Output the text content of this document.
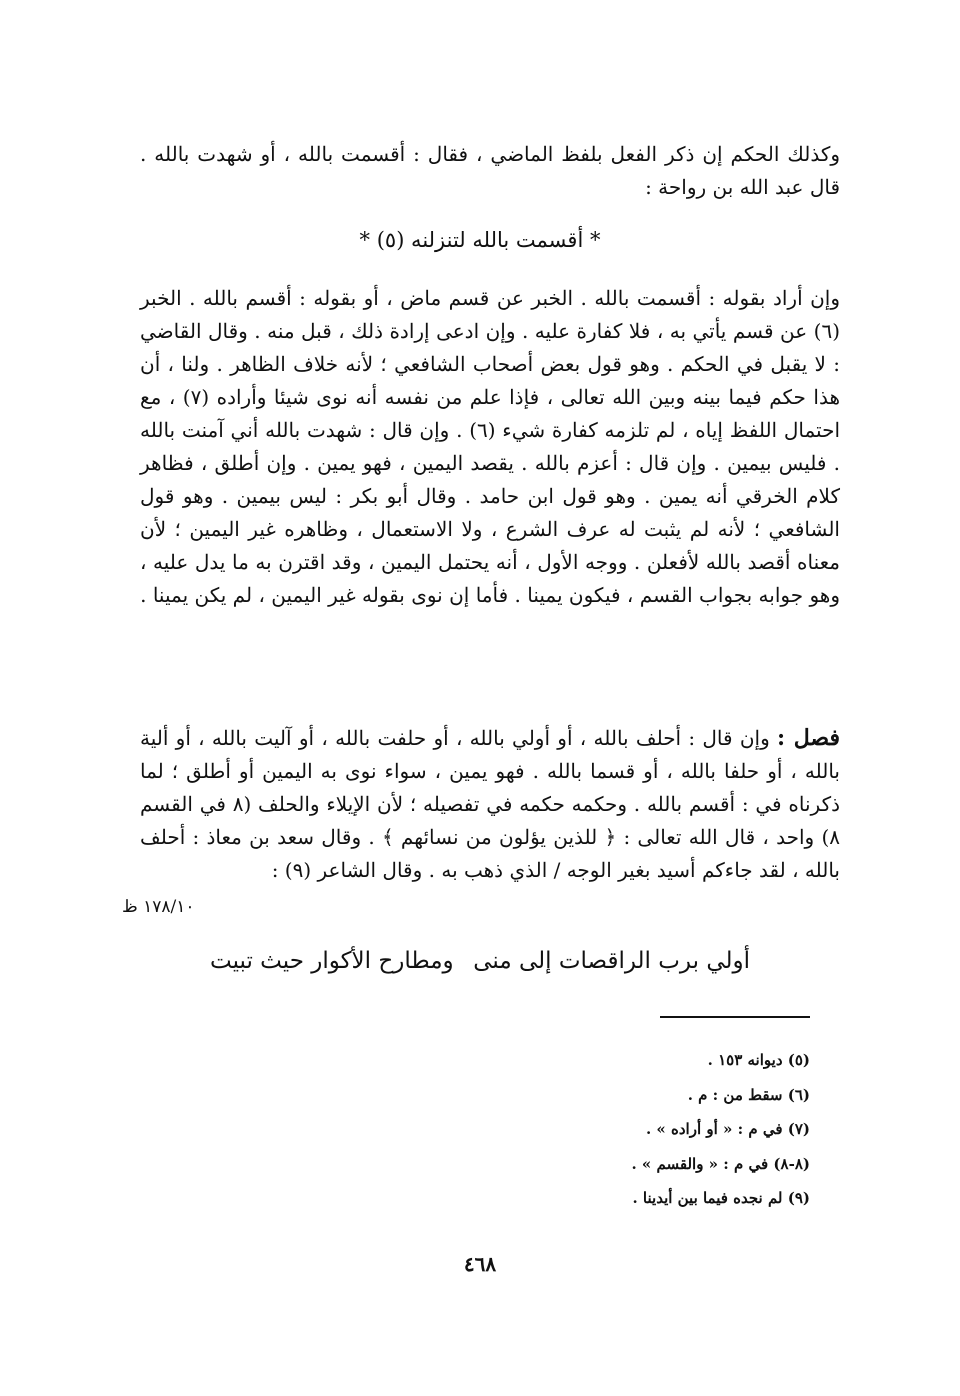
وكذلك الحكم إن ذكر الفعل بلفظ الماضي ، فقال : أقسمت بالله ، أو شهدت بالله . قال عبد الله بن رواحة :

* أقسمت بالله لتنزلنه (٥) *

وإن أراد بقوله : أقسمت بالله . الخبر عن قسم ماض ، أو بقوله : أقسم بالله . الخبر (٦) عن قسم يأتي به ، فلا كفارة عليه . وإن ادعى إرادة ذلك ، قبل منه . وقال القاضي : لا يقبل في الحكم . وهو قول بعض أصحاب الشافعي ؛ لأنه خلاف الظاهر . ولنا ، أن هذا حكم فيما بينه وبين الله تعالى ، فإذا علم من نفسه أنه نوى شيئا وأراده (٧) ، مع احتمال اللفظ إياه ، لم تلزمه كفارة شيء (٦) . وإن قال : شهدت بالله أني آمنت بالله . فليس بيمين . وإن قال : أعزم بالله . يقصد اليمين ، فهو يمين . وإن أطلق ، فظاهر كلام الخرقي أنه يمين . وهو قول ابن حامد . وقال أبو بكر : ليس بيمين . وهو قول الشافعي ؛ لأنه لم يثبت له عرف الشرع ، ولا الاستعمال ، وظاهره غير اليمين ؛ لأن معناه أقصد بالله لأفعلن . ووجه الأول ، أنه يحتمل اليمين ، وقد اقترن به ما يدل عليه ، وهو جوابه بجواب القسم ، فيكون يمينا . فأما إن نوى بقوله غير اليمين ، لم يكن يمينا .

فصل : وإن قال : أحلف بالله ، أو أولي بالله ، أو حلفت بالله ، أو آليت بالله ، أو ألية بالله ، أو حلفا بالله ، أو قسما بالله . فهو يمين ، سواء نوى به اليمين أو أطلق ؛ لما ذكرناه في : أقسم بالله . وحكمه حكمه في تفصيله ؛ لأن الإيلاء والحلف (٨ في القسم ٨) واحد ، قال الله تعالى : ﴿ للذين يؤلون من نسائهم ﴾ . وقال سعد بن معاذ : أحلف بالله ، لقد جاءكم أسيد بغير الوجه / الذي ذهب به . وقال الشاعر (٩) :

١٧٨/١٠ ظ
أولي برب الراقصات إلى منى
ومطارح الأكوار حيث تبيت
(٥) ديوانه ١٥٣ .
(٦) سقط من : م .
(٧) في م : « أو أراده » .
(٨-٨) في م : « والقسم » .
(٩) لم نجده فيما بين أيدينا .
٤٦٨
